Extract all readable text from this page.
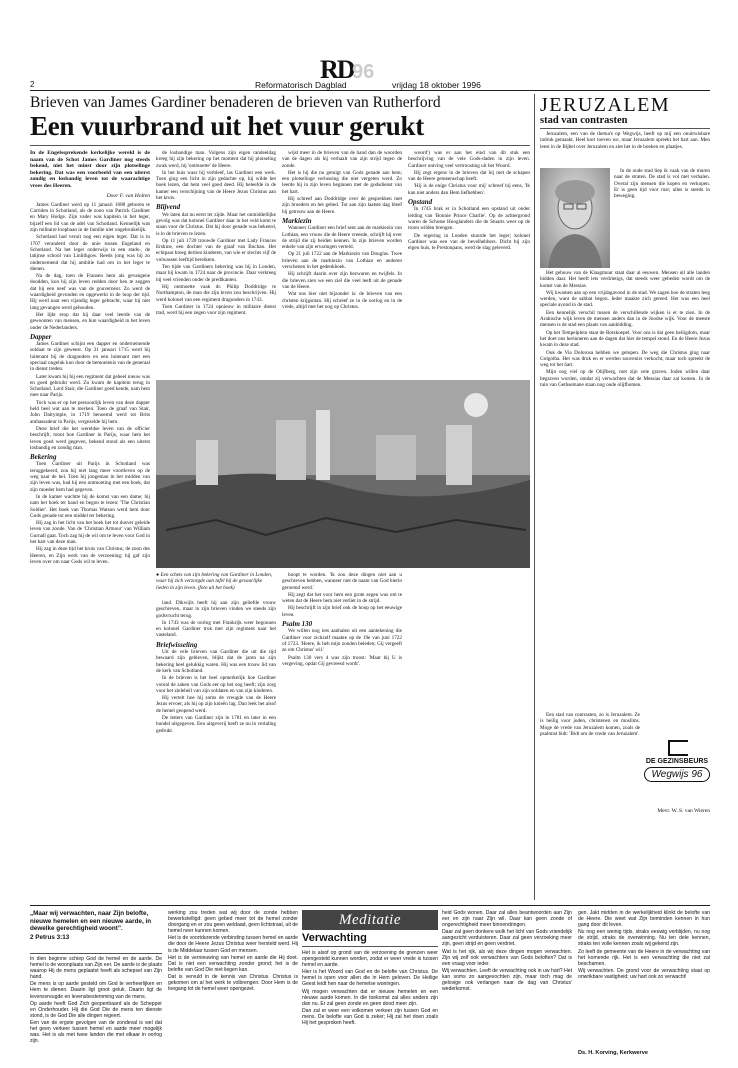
2
RD
96
Reformatorisch Dagblad	vrijdag 18 oktober 1996
Brieven van James Gardiner benaderen de brieven van Rutherford
Een vuurbrand uit het vuur gerukt
In de Engelssprekende kerkelijke wereld is de naam van de Schot James Gardiner nog steeds bekend, niet het minst door zijn plotselinge bekering. Dat was een voorbeeld van een uiterst zondig en losbandig leven tot de waarachtige vrees des Heeren.
Door F. van Holten

James Gardiner werd op 11 januari 1688 geboren te Carriden in Schotland, als de zoon van Patrick Gardiner en Mary Hodge. Zijn vader was kapitein in het leger, bijzelf een lid van de adel van Schotland. Kennelijk was zijn militaire loopbaan in de familie niet ongebruikelijk.

Schotland had veruit nog een eigen leger. Dat is in 1707 veranderd door de unie tussen Engeland en Schotland. Na het leger onderwijs in een stads-, de latijnse school van Linlithgow. Reeds jong was hij zo ondernemend dat hij ambitie had om in het leger te dienen.

Na de dag, toen de Fransen hem als gevangene doodden, kon hij zijn leven redden door hen te zeggen dat hij een neef was van de gouverneur. Zo werd de waardigheid gevonden en opgewerkt in de loop der tijd. Hij werd naar een vijandig leger gebracht, waar hij niet lang gevangen werd gehouden.

Het lijkt erop dat hij daar veel leerde van de gewoonten van mensen, en hun waardigheid in het leven onder de Nederlanders.

Dapper

James Gardiner schijnt een dapper en ondernemende soldaat te zijn geweest. Op 31 januari 1715 werd hij luitenant bij de dragonders en een luitenant met een speciaal ongeluk kon door de bemoeienis van de generaal in dienst treden.

Later kwam hij bij een regiment dat geheel nieuw was en goed gebruikt werd. Zo kwam de kapitein terug in Schotland. Lord Stair, die Gardiner goed kende, nam hem mee naar Parijs.

Toch was er op het persoonlijk leven van deze dapper held heel wat aan te merken. Toen de graaf van Stair, John Dalrymple, in 1719 benoemd werd tot Brits ambassadeur in Parijs, vergezelde hij hem.

Deze brief die het wereldse leven van de officier beschrijft, toont hoe Gardiner in Parijs, waar hem het leven goed werd gegeven, bekend stond als een uiterst losbandig en zondig man.

Bekering

Toen Gardiner uit Parijs in Schotland was teruggekeerd, zou hij niet lang meer voortleven op de weg naar de hel. Toen hij jongeman in het midden van zijn leven was, had hij een ontmoeting met een boek, dat zijn moeder hem had gegeven.

In de kamer wachtte hij de komst van een dame; hij nam het boek ter hand en begon te lezen: 'The Christian Soldier'. Het boek van Thomas Watson werd hem door Gods genade tot een middel ter bekering.

Hij zag in het licht van het boek het tot dusver geleide leven van zonde. Van de 'Christian Armour' van William Gurnall gaat. Toch zag hij de wil om te leven voor God in het hart van deze man.

Hij zag in deze tijd het kruis van Christus, de zoon des Heeren, en Zijn werk van de verzoening; hij gaf zijn leven over om naar Gods wil te leven.

de losbandige man. Volgens zijn eigen randeeldag kreeg hij zijn bekering op het moment dat hij plotseling zwak werd, hij 'ontmoette' de Heere.

In het huis waar hij verbleef, las Gardiner een werk. Toen ging een licht in zijn gedachte op, hij wilde het boek lezen, dat hem veel goed deed. Hij beleefde in de kamer een verschijning van de Heere Jezus Christus aan het kruis.

Blijvend

We laten dat nu eerst ter zijde. Maar het onmiddellijke gevolg was dat kolonel Gardiner daar in het veld komt te staan voor de Christus. Dat hij door genade was bekeerd, is in de brieven te lezen.

Op 11 juli 1720 trouwde Gardiner met Lady Frances Erskine, een dochter van de graaf van Buchan. Het echtpaar kreeg dertien kinderen, van wie er slechts vijf de volwassen leeftijd bereikten.

Ten tijde van Gardiners bekering was hij in Londen, maar hij kwam in 1724 naar de provincie. Daar verkreeg hij veel vrienden onder de predikanten.

Hij ontmoette vaak dr. Philip Doddridge te Northampton, de man die zijn leven zou beschrijven. Hij werd kolonel van een regiment dragonders in 1743.

Toen Gardiner in 1724 opnieuw in militaire dienst trad, werd hij een zegen voor zijn regiment.

wijst meer in de brieven van de hand dan de woorden van de dagen als hij verhaalt van zijn strijd tegen de zonde.

Het is hij die nu getuigt van Gods genade aan hem; een plotselinge verlossing die niet vergeten werd. Zo leerde hij in zijn leven beginnen met de godsdienst van het hart.

Hij schreef aan Doddridge over de gesprekken met zijn broeders en het gebed. Tot aan zijn laatste dag bleef hij getrouw aan de Heere.

Markiezin

Wanneer Gardiner een brief sent aan de markiezin van Lothian, een vrouw die de Heere vreesde, schrijft hij over de strijd die zij beiden kennen. In zijn brieven worden enkele van zijn ervaringen verteld.

Op 21 juli 1722 aan de Markiezin van Douglas. Twee brieven aan de markiezin van Lothian en anderen verschenen in het gedenkboek.

Hij schrijft daarin over zijn bezwaren en twijfels. In die brieven zien we een ziel die veel leeft uit de genade van de Heere.

Wat ons hier niet bijzonder is: de brieven van een christen krijgsman. Hij schreef ze in de oorlog en in de vrede, altijd met het oog op Christus.

woord') was er aan het eind van dit stuk een beschrijving van de vele Gods-daden in zijn leven. Gardiner ontving veel vertroosting uit het Woord.

Hij zegt ergens in de brieven dat hij met de schapen van de Heere gemeenschap heeft.

'Hij is de enige Christus voor mij' schreef hij eens, 'Ik kan niet anders dan Hem liefhebben'.

Opstand

In 1745 brak er in Schotland een opstand uit onder leiding van 'Bonnie Prince Charlie'. Op de achtergrond waren de Schotse Hooglanders die de Stuarts weer op de troon wilden brengen.

De regering in Londen stuurde het leger; kolonel Gardiner was een van de bevelhebbers. Dicht bij zijn eigen huis, te Prestonpans, werd de slag geleverd.

● Een schets van zijn bekering van Gardiner in Londen, waar hij zich verzorgde aan tafel bij de gevaarlijke lieden in zijn leven. (foto uit het boek)

land. Dikwijls heeft hij aan zijn geliefde vrouw geschreven, maar in zijn brieven vinden we steeds zijn godsvrucht terug.

In 1743 was de oorlog met Frankrijk weer begonnen en kolonel Gardiner trok met zijn regiment naar het vasteland.

Briefwisseling

Uit de vele brieven van Gardiner die uit die tijd bewaard zijn gebleven, blijkt dat de jaren na zijn bekering heel gelukkig waren. Hij was een trouw lid van de kerk van Schotland.

In de brieven is het heel opmerkelijk hoe Gardiner vooral de zaken van Gods eer op het oog heeft; zijn zorg voor het zieleheil van zijn soldaten en van zijn kinderen.

Hij vertelt hoe hij soms de vreugde van de Heere Jezus ervoer, als hij op zijn knieën lag. Dan leek het alsof de hemel geopend werd.

De letters van Gardiner zijn in 1781 en later in een bundel uitgegeven. Een uitgeverij heeft ze nu in vertaling gedrukt.

hoopt te worden. 'Ik zou deze dingen niet aan u geschreven hebben, wanneer niet de naam van God hierin geroemd werd.'

Hij zegt dat het voor hem een grote zegen was om te weten dat de Heere hem niet verliet in de strijd.

Hij beschrijft in zijn brief ook de hoop op het eeuwige leven.

Psalm 130

We willen nog iets aanhalen uit een aantekening die Gardiner voor zichzelf maakte op de 19e van juni 1722 of 1723. 'Heere, ik heb mijn zonden beleden; Gij vergeeft ze om Christus' wil.'

Psalm 130 vers 4 was zijn troost: 'Maar bij U is vergeving, opdat Gij gevreesd wordt'.

JERUZALEM
stad van contrasten

Jeruzalem, een van de thema's op Wegwijs, heeft op mij een onuitwisbare indruk gemaakt. Heel kort toeven we, maar Jeruzalem spreekt het hart aan. Men leest in de Bijbel over Jeruzalem en ziet het in de boeken en plaatjes.

In de oude stad liep ik vaak van de muren naar de straten. De stad is vol met verhalen. Overal zijn mensen die kopen en verkopen. Er is geen tijd voor rust; alles is steeds in beweging.

Het gebouw van de Klaagmuur staat daar al eeuwen. Mensen uit alle landen bidden daar. Het heeft iets verdrietigs, dat steeds weer gebeden wordt om de komst van de Messias.

Wij kwamen aan op een vrijdagavond in de stad. We zagen hoe de straten leeg werden, want de sabbat begon. Ieder maakte zich gereed. Het was een heel speciale avond in de stad.

Een kennelijk verschil tussen de verschillende wijken is er te zien. In de Arabische wijk leven de mensen anders dan in de Joodse wijk. Voor de meeste mensen is de stad een plaats van aanbidding.

Op het Tempelplein staat de Rotskoepel. Voor ons is dat geen heiligdom, maar het doet ons herinneren aan de dagen dat hier de tempel stond. En de Heere Jezus kwam in deze stad.

Ook de Via Dolorosa hebben we gelopen. De weg die Christus ging naar Golgotha. Het was druk en er werden souvenirs verkocht, maar toch spreekt de weg tot het hart.

Mijn oog viel op de Olijfberg, met zijn vele graven. Joden willen daar begraven worden, omdat zij verwachten dat de Messias daar zal komen. In de tuin van Gethsemane staan nog oude olijfbomen.

Een stad van contrasten, zo is Jeruzalem. Ze is heilig voor joden, christenen en moslims. Moge de vrede van Jeruzalem komen, zoals de psalmist bidt: 'Bidt om de vrede van Jeruzalem'.

DE GEZINSBEURS
Wegwijs 96
Mevr. W. S. van Wieren
„Maar wij verwachten, naar Zijn belofte, nieuwe hemelen en een nieuwe aarde, in dewelke gerechtigheid woont”.
2 Petrus 3:13
Meditatie
Verwachting

In dien beginne schiep God de hemel en de aarde. De hemel is de woonplaats van Zijn eer. De aarde is de plaats waarop Hij de mens geplaatst heeft als schepsel van Zijn hand.

De mens is op aarde gesteld om God te verheerlijken en Hem te dienen. Daarin ligt groot geluk. Daarin ligt de levensvreugde en levensbestemming van de mens.

Op aarde heeft God Zich geopenbaard als de Schepper en Onderhouder. Hij die God Die de mens ten dienste stond, is de God Die alle dingen regeert.

Een van de ergste gevolgen van de zondeval is wel dat het geen verkeer tussen hemel en aarde meer mogelijk was. Het is als met twee landen die met elkaar in oorlog zijn.

werking zou treden wat wij door de zonde hebben bewerkstelligd: geen gebed meer tot de hemel zonder doorgang en er zou geen weldaad, geen lichtstraal, uit de hemel neer kunnen komen.

Het is de voortdurende verbinding tussen hemel en aarde die door de Heere Jezus Christus weer hersteld werd. Hij is de Middelaar tussen God en mensen.

Het is de vernieuwing van hemel en aarde die Hij doet. Dat is niet een verwachting zonder grond; het is de belofte van God Die niet liegen kan.

Dat is vervuld in de kennis van Christus. Christus is gekomen om al het werk te volbrengen. Door Hem is de toegang tot de hemel weer opengezet.

Het is alsof op grond van de verzoening de grenzen weer opengesteld kunnen worden, zodat er weer vrede is tussen hemel en aarde.

Hier is het Woord van God en de belofte van Christus. De hemel is open voor allen die in Hem geloven. De Heilige Geest leidt hen naar de hemelse woningen.

Wij mogen verwachten dat er nieuwe hemelen en een nieuwe aarde komen. In die toekomst zal alles anders zijn dan nu. Er zal geen zonde en geen dood meer zijn.

Dan zal er weer een volkomen verkeer zijn tussen God en mens. De belofte van God is zeker; Hij zal het doen zoals Hij het gesproken heeft.

heid Gods wonen. Daar zal alles beantwoorden aan Zijn eer en zijn naar Zijn wil. Daar kan geen zonde of ongerechtigheid meer binnendringen.

Daar zal geen donkere wolk het licht van Gods vriendelijk aangezicht verduisteren. Daar zal geen verzoeking meer zijn, geen strijd en geen verdriet.

Wat is het rijk, als wij deze dingen mogen verwachten. Zijn wij zelf ook verwachters van Gods beloften? Dat is een vraag voor ieder.

Wij verwachten. Leeft de verwachting ook in uw hart? Het kan soms zo aangevochten zijn, maar toch mag de gelovige ook verlangen naar de dag van Christus' wederkomst.

gen. Jakt midden in de werkelijkheid klinkt de belofte van de Heere. Die weet wat Zijn beminden kennen in hun gang door dit leven.

Nu nog een weinig tijds, straks eeuwig verblijden, nu nog de strijd, straks de overwinning. Nu ten dele kennen, straks ten volle kennen zoals wij gekend zijn.

Zo leeft de gemeente van de Heere in de verwachting van het komende rijk. Het is een verwachting die niet zal beschamen.

Wij verwachten. De grond voor de verwachting staat op onwrikbare vastigheid; uw hart ook zo verwacht!

Ds. H. Korving, Kerkwerve
